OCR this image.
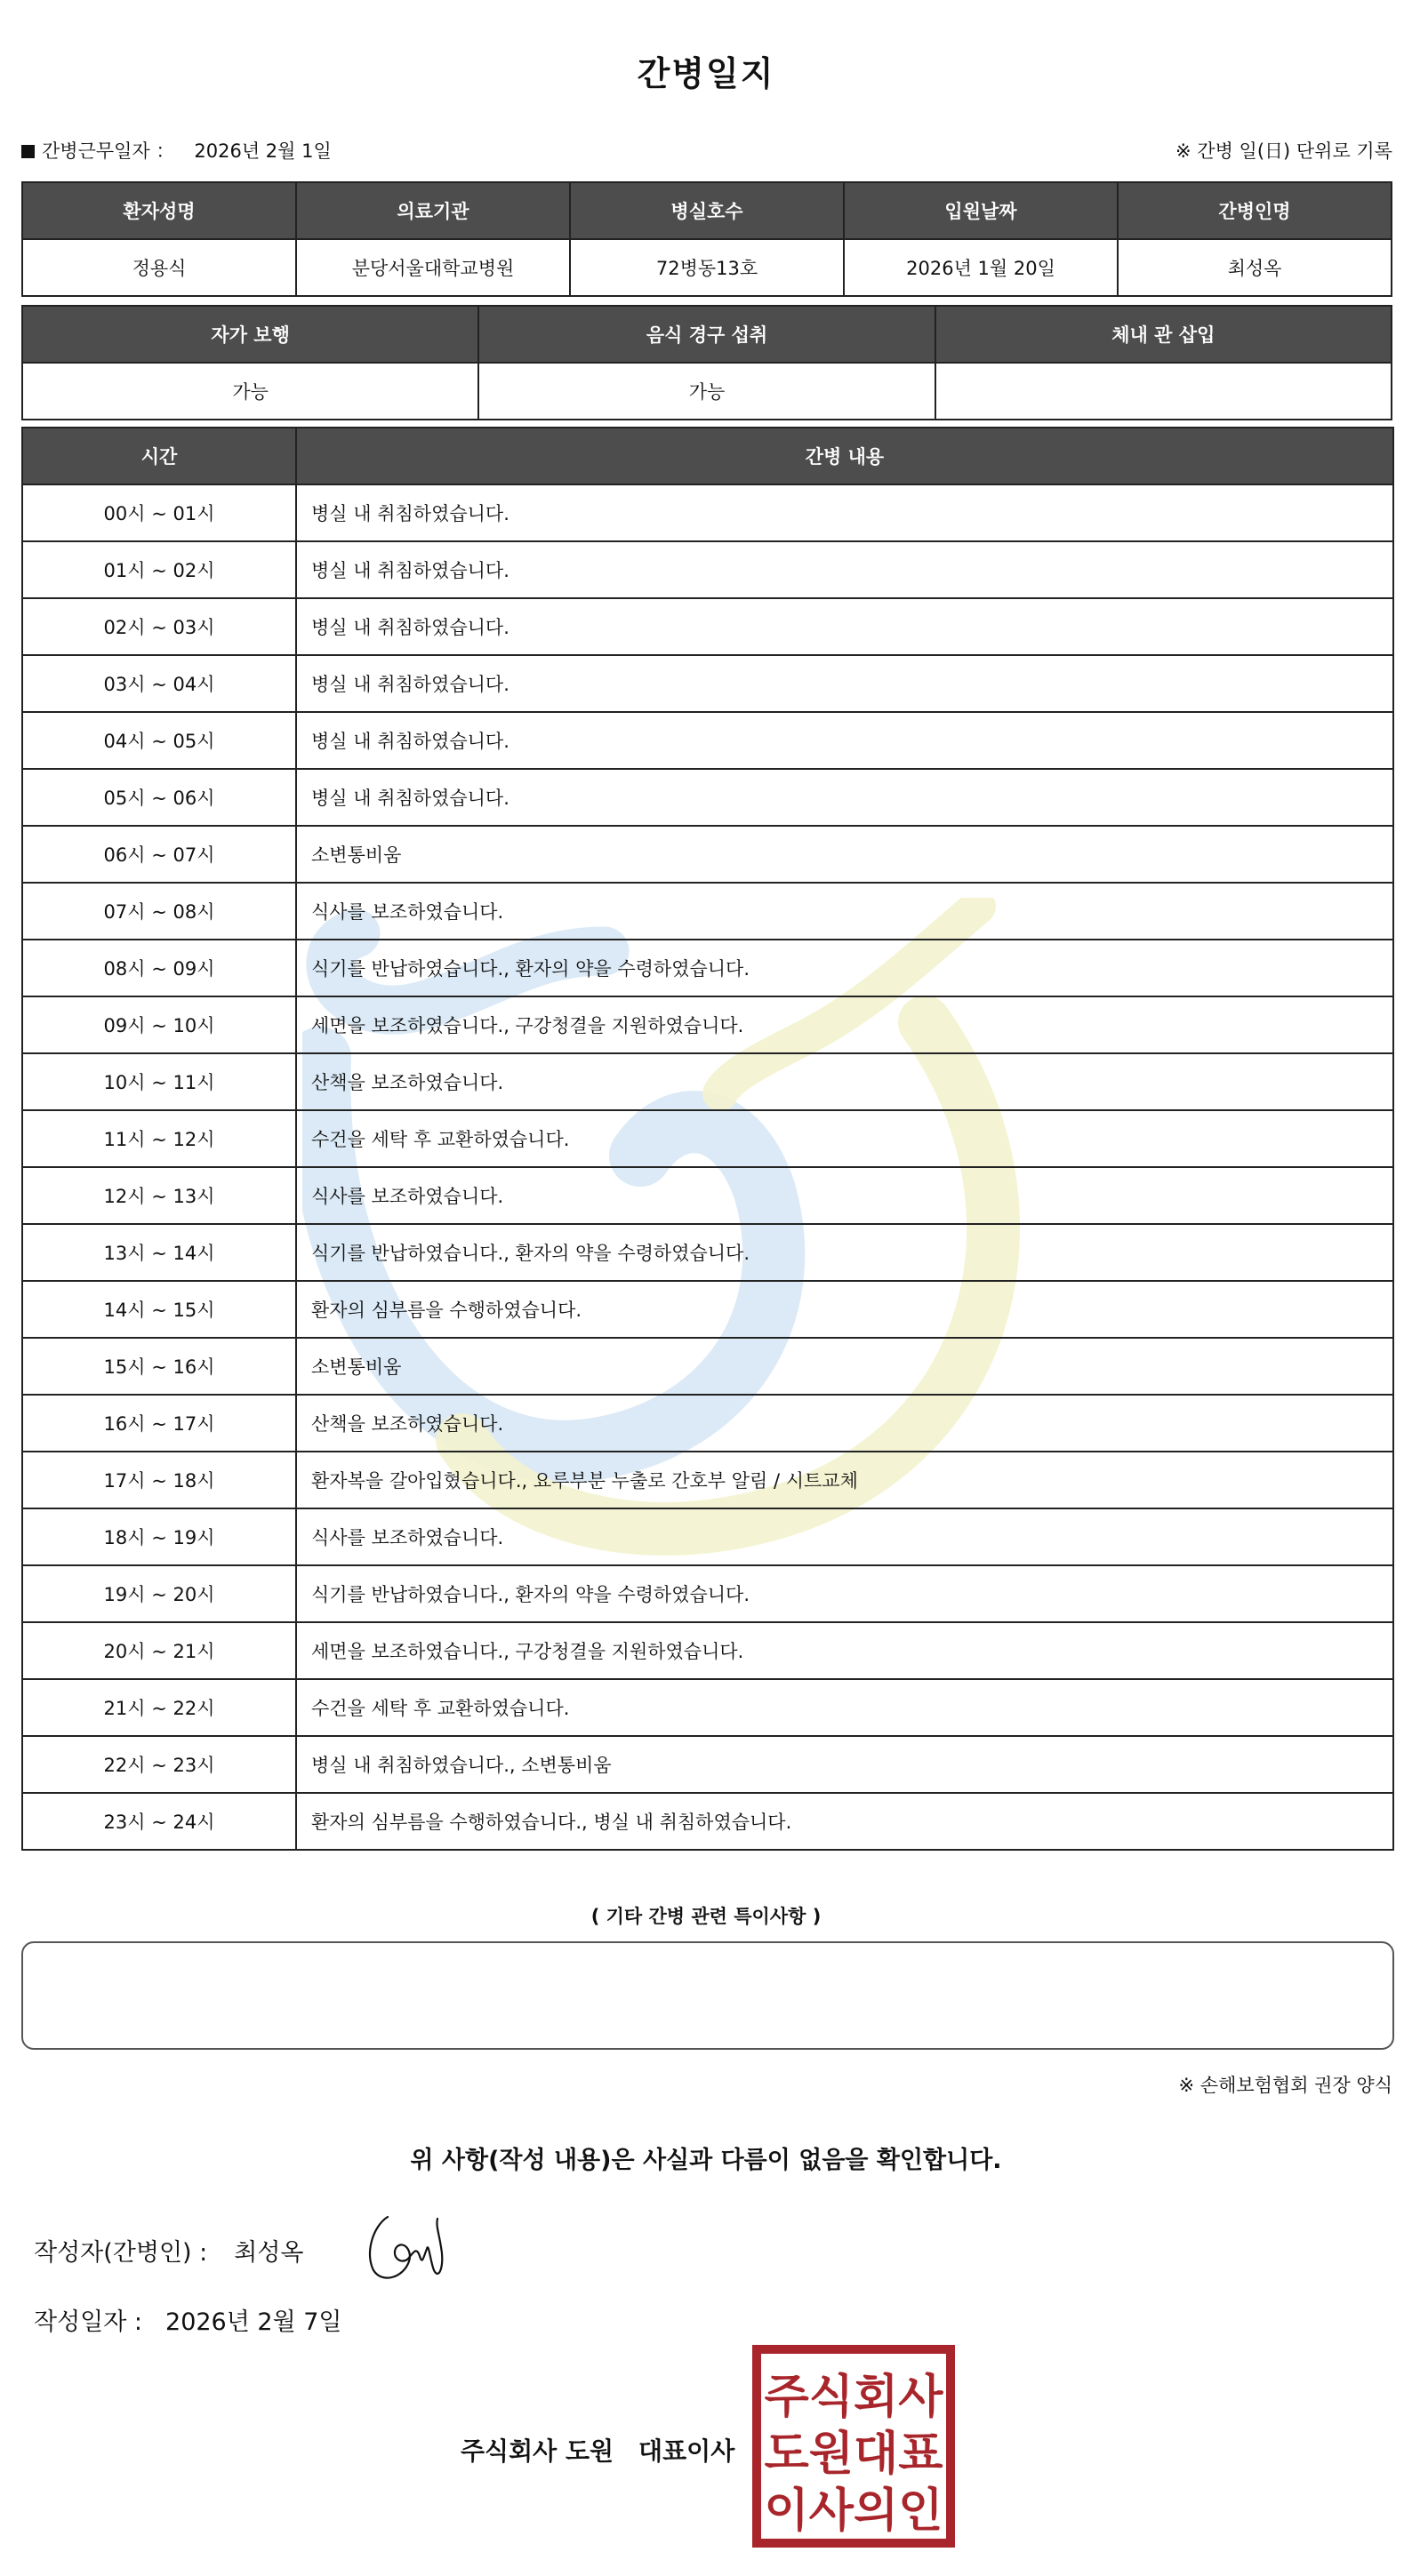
간병일지
간병근무일자 ： 2026년 2월 1일	※ 간병 일(日) 단위로 기록
환자성명	의료기관	병실호수	입원날짜	간병인명
정용식	분당서울대학교병원	72병동13호	2026년 1월 20일	최성옥
자가 보행	음식 경구 섭취	체내 관 삽입
가능	가능	
시간	간병 내용
00시 ~ 01시	병실 내 취침하였습니다.
01시 ~ 02시	병실 내 취침하였습니다.
02시 ~ 03시	병실 내 취침하였습니다.
03시 ~ 04시	병실 내 취침하였습니다.
04시 ~ 05시	병실 내 취침하였습니다.
05시 ~ 06시	병실 내 취침하였습니다.
06시 ~ 07시	소변통비움
07시 ~ 08시	식사를 보조하였습니다.
08시 ~ 09시	식기를 반납하였습니다., 환자의 약을 수령하였습니다.
09시 ~ 10시	세면을 보조하였습니다., 구강청결을 지원하였습니다.
10시 ~ 11시	산책을 보조하였습니다.
11시 ~ 12시	수건을 세탁 후 교환하였습니다.
12시 ~ 13시	식사를 보조하였습니다.
13시 ~ 14시	식기를 반납하였습니다., 환자의 약을 수령하였습니다.
14시 ~ 15시	환자의 심부름을 수행하였습니다.
15시 ~ 16시	소변통비움
16시 ~ 17시	산책을 보조하였습니다.
17시 ~ 18시	환자복을 갈아입혔습니다., 요루부분 누출로 간호부 알림 / 시트교체
18시 ~ 19시	식사를 보조하였습니다.
19시 ~ 20시	식기를 반납하였습니다., 환자의 약을 수령하였습니다.
20시 ~ 21시	세면을 보조하였습니다., 구강청결을 지원하였습니다.
21시 ~ 22시	수건을 세탁 후 교환하였습니다.
22시 ~ 23시	병실 내 취침하였습니다., 소변통비움
23시 ~ 24시	환자의 심부름을 수행하였습니다., 병실 내 취침하였습니다.
( 기타 간병 관련 특이사항 )
※ 손해보험협회 권장 양식
위 사항(작성 내용)은 사실과 다름이 없음을 확인합니다.
작성자(간병인) : 최성옥
작성일자 : 2026년 2월 7일
주식회사 도원 대표이사
주식회사
도원대표
이사의인
